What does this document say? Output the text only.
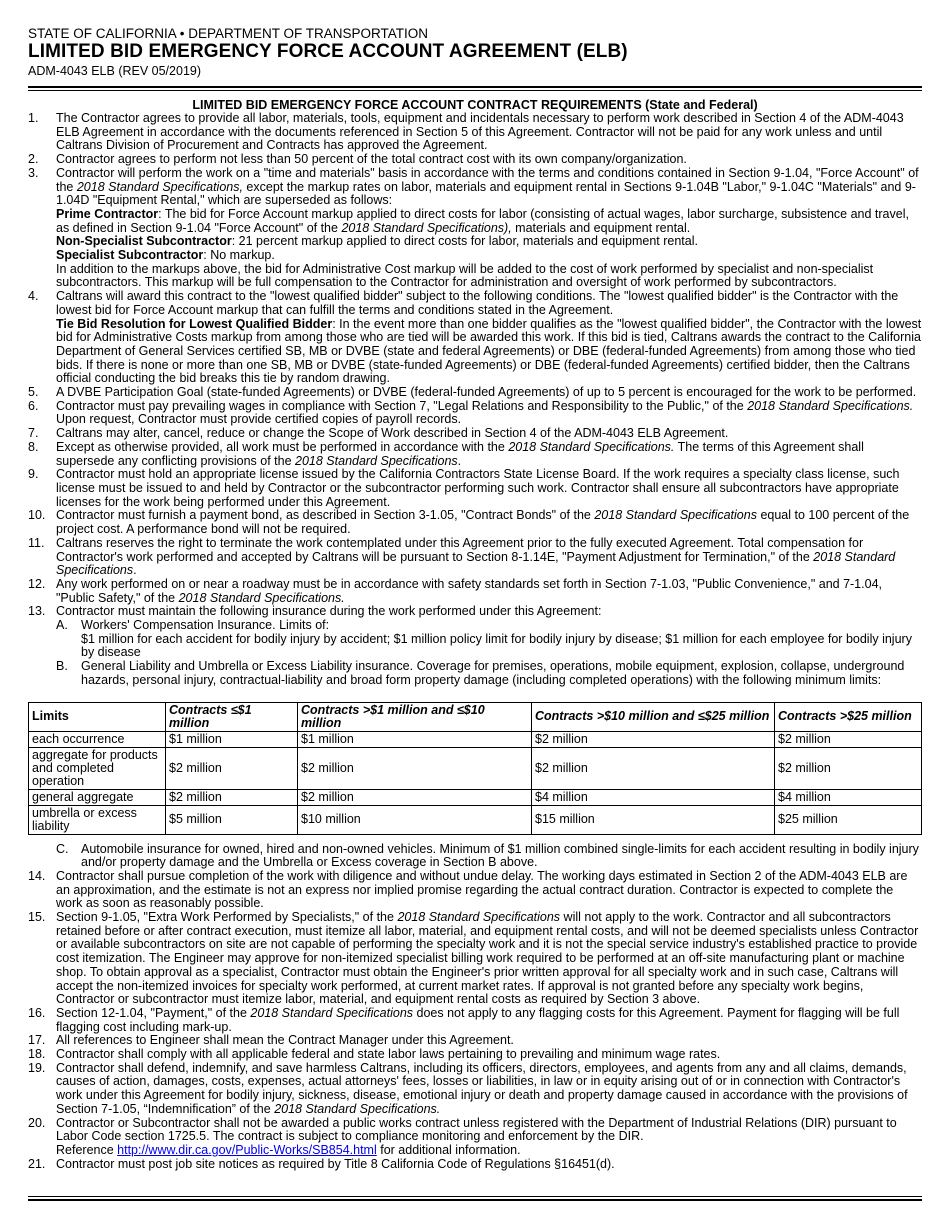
STATE OF CALIFORNIA • DEPARTMENT OF TRANSPORTATION
LIMITED BID EMERGENCY FORCE ACCOUNT AGREEMENT (ELB)
ADM-4043 ELB (REV 05/2019)
LIMITED BID EMERGENCY FORCE ACCOUNT CONTRACT REQUIREMENTS (State and Federal)
1.	The Contractor agrees to provide all labor, materials, tools, equipment and incidentals necessary to perform work described in Section 4 of the ADM-4043 ELB Agreement in accordance with the documents referenced in Section 5 of this Agreement. Contractor will not be paid for any work unless and until Caltrans Division of Procurement and Contracts has approved the Agreement.
2.	Contractor agrees to perform not less than 50 percent of the total contract cost with its own company/organization.
3.	Contractor will perform the work on a "time and materials" basis in accordance with the terms and conditions contained in Section 9-1.04, "Force Account" of the 2018 Standard Specifications, except the markup rates on labor, materials and equipment rental in Sections 9-1.04B "Labor," 9-1.04C "Materials" and 9-1.04D "Equipment Rental," which are superseded as follows:
Prime Contractor: The bid for Force Account markup applied to direct costs for labor (consisting of actual wages, labor surcharge, subsistence and travel, as defined in Section 9-1.04 "Force Account" of the 2018 Standard Specifications), materials and equipment rental.
Non-Specialist Subcontractor: 21 percent markup applied to direct costs for labor, materials and equipment rental.
Specialist Subcontractor: No markup.
In addition to the markups above, the bid for Administrative Cost markup will be added to the cost of work performed by specialist and non-specialist subcontractors. This markup will be full compensation to the Contractor for administration and oversight of work performed by subcontractors.
4.	Caltrans will award this contract to the "lowest qualified bidder" subject to the following conditions. The "lowest qualified bidder" is the Contractor with the lowest bid for Force Account markup that can fulfill the terms and conditions stated in the Agreement.
Tie Bid Resolution for Lowest Qualified Bidder: In the event more than one bidder qualifies as the "lowest qualified bidder", the Contractor with the lowest bid for Administrative Costs markup from among those who are tied will be awarded this work. If this bid is tied, Caltrans awards the contract to the California Department of General Services certified SB, MB or DVBE (state and federal Agreements) or DBE (federal-funded Agreements) from among those who tied bids. If there is none or more than one SB, MB or DVBE (state-funded Agreements) or DBE (federal-funded Agreements) certified bidder, then the Caltrans official conducting the bid breaks this tie by random drawing.
5.	A DVBE Participation Goal (state-funded Agreements) or DVBE (federal-funded Agreements) of up to 5 percent is encouraged for the work to be performed.
6.	Contractor must pay prevailing wages in compliance with Section 7, "Legal Relations and Responsibility to the Public," of the 2018 Standard Specifications. Upon request, Contractor must provide certified copies of payroll records.
7.	Caltrans may alter, cancel, reduce or change the Scope of Work described in Section 4 of the ADM-4043 ELB Agreement.
8.	Except as otherwise provided, all work must be performed in accordance with the 2018 Standard Specifications. The terms of this Agreement shall supersede any conflicting provisions of the 2018 Standard Specifications.
9.	Contractor must hold an appropriate license issued by the California Contractors State License Board. If the work requires a specialty class license, such license must be issued to and held by Contractor or the subcontractor performing such work. Contractor shall ensure all subcontractors have appropriate licenses for the work being performed under this Agreement.
10. Contractor must furnish a payment bond, as described in Section 3-1.05, "Contract Bonds" of the 2018 Standard Specifications equal to 100 percent of the project cost. A performance bond will not be required.
11. Caltrans reserves the right to terminate the work contemplated under this Agreement prior to the fully executed Agreement. Total compensation for Contractor's work performed and accepted by Caltrans will be pursuant to Section 8-1.14E, "Payment Adjustment for Termination," of the 2018 Standard Specifications.
12. Any work performed on or near a roadway must be in accordance with safety standards set forth in Section 7-1.03, "Public Convenience," and 7-1.04, "Public Safety," of the 2018 Standard Specifications.
13. Contractor must maintain the following insurance during the work performed under this Agreement:
A.	Workers' Compensation Insurance. Limits of:
$1 million for each accident for bodily injury by accident; $1 million policy limit for bodily injury by disease; $1 million for each employee for bodily injury by disease
B.	General Liability and Umbrella or Excess Liability insurance. Coverage for premises, operations, mobile equipment, explosion, collapse, underground hazards, personal injury, contractual-liability and broad form property damage (including completed operations) with the following minimum limits:
Limits	Contracts ≤$1 million	Contracts >$1 million and ≤$10 million	Contracts >$10 million and ≤$25 million	Contracts >$25 million
each occurrence	$1 million	$1 million	$2 million	$2 million
aggregate for products and completed operation	$2 million	$2 million	$2 million	$2 million
general aggregate	$2 million	$2 million	$4 million	$4 million
umbrella or excess liability	$5 million	$10 million	$15 million	$25 million
C.	Automobile insurance for owned, hired and non-owned vehicles. Minimum of $1 million combined single-limits for each accident resulting in bodily injury and/or property damage and the Umbrella or Excess coverage in Section B above.
14. Contractor shall pursue completion of the work with diligence and without undue delay. The working days estimated in Section 2 of the ADM-4043 ELB are an approximation, and the estimate is not an express nor implied promise regarding the actual contract duration. Contractor is expected to complete the work as soon as reasonably possible.
15. Section 9-1.05, "Extra Work Performed by Specialists," of the 2018 Standard Specifications will not apply to the work. Contractor and all subcontractors retained before or after contract execution, must itemize all labor, material, and equipment rental costs, and will not be deemed specialists unless Contractor or available subcontractors on site are not capable of performing the specialty work and it is not the special service industry's established practice to provide cost itemization. The Engineer may approve for non-itemized specialist billing work required to be performed at an off-site manufacturing plant or machine shop. To obtain approval as a specialist, Contractor must obtain the Engineer's prior written approval for all specialty work and in such case, Caltrans will accept the non-itemized invoices for specialty work performed, at current market rates. If approval is not granted before any specialty work begins, Contractor or subcontractor must itemize labor, material, and equipment rental costs as required by Section 3 above.
16. Section 12-1.04, "Payment," of the 2018 Standard Specifications does not apply to any flagging costs for this Agreement. Payment for flagging will be full flagging cost including mark-up.
17. All references to Engineer shall mean the Contract Manager under this Agreement.
18. Contractor shall comply with all applicable federal and state labor laws pertaining to prevailing and minimum wage rates.
19. Contractor shall defend, indemnify, and save harmless Caltrans, including its officers, directors, employees, and agents from any and all claims, demands, causes of action, damages, costs, expenses, actual attorneys' fees, losses or liabilities, in law or in equity arising out of or in connection with Contractor's work under this Agreement for bodily injury, sickness, disease, emotional injury or death and property damage caused in accordance with the provisions of Section 7-1.05, “Indemnification” of the 2018 Standard Specifications.
20. Contractor or Subcontractor shall not be awarded a public works contract unless registered with the Department of Industrial Relations (DIR) pursuant to Labor Code section 1725.5. The contract is subject to compliance monitoring and enforcement by the DIR.
Reference http://www.dir.ca.gov/Public-Works/SB854.html for additional information.
21. Contractor must post job site notices as required by Title 8 California Code of Regulations §16451(d).
